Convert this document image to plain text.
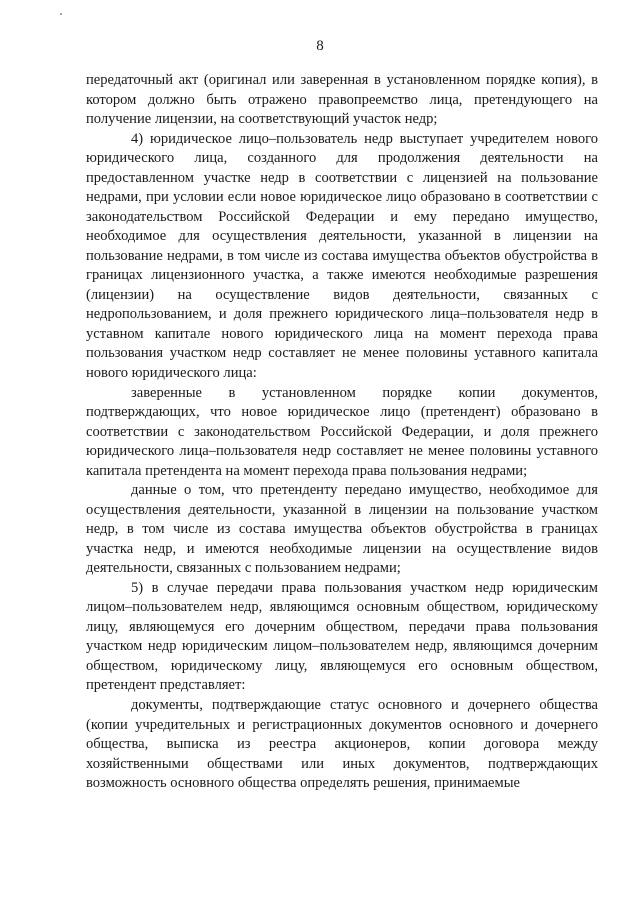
8

передаточный акт (оригинал или заверенная в установленном порядке копия), в котором должно быть отражено правопреемство лица, претендующего на получение лицензии, на соответствующий участок недр;

4) юридическое лицо–пользователь недр выступает учредителем нового юридического лица, созданного для продолжения деятельности на предоставленном участке недр в соответствии с лицензией на пользование недрами, при условии если новое юридическое лицо образовано в соответствии с законодательством Российской Федерации и ему передано имущество, необходимое для осуществления деятельности, указанной в лицензии на пользование недрами, в том числе из состава имущества объектов обустройства в границах лицензионного участка, а также имеются необходимые разрешения (лицензии) на осуществление видов деятельности, связанных с недропользованием, и доля прежнего юридического лица–пользователя недр в уставном капитале нового юридического лица на момент перехода права пользования участком недр составляет не менее половины уставного капитала нового юридического лица:

заверенные в установленном порядке копии документов, подтверждающих, что новое юридическое лицо (претендент) образовано в соответствии с законодательством Российской Федерации, и доля прежнего юридического лица–пользователя недр составляет не менее половины уставного капитала претендента на момент перехода права пользования недрами;

данные о том, что претенденту передано имущество, необходимое для осуществления деятельности, указанной в лицензии на пользование участком недр, в том числе из состава имущества объектов обустройства в границах участка недр, и имеются необходимые лицензии на осуществление видов деятельности, связанных с пользованием недрами;

5) в случае передачи права пользования участком недр юридическим лицом–пользователем недр, являющимся основным обществом, юридическому лицу, являющемуся его дочерним обществом, передачи права пользования участком недр юридическим лицом–пользователем недр, являющимся дочерним обществом, юридическому лицу, являющемуся его основным обществом, претендент представляет:

документы, подтверждающие статус основного и дочернего общества (копии учредительных и регистрационных документов основного и дочернего общества, выписка из реестра акционеров, копии договора между хозяйственными обществами или иных документов, подтверждающих возможность основного общества определять решения, принимаемые
